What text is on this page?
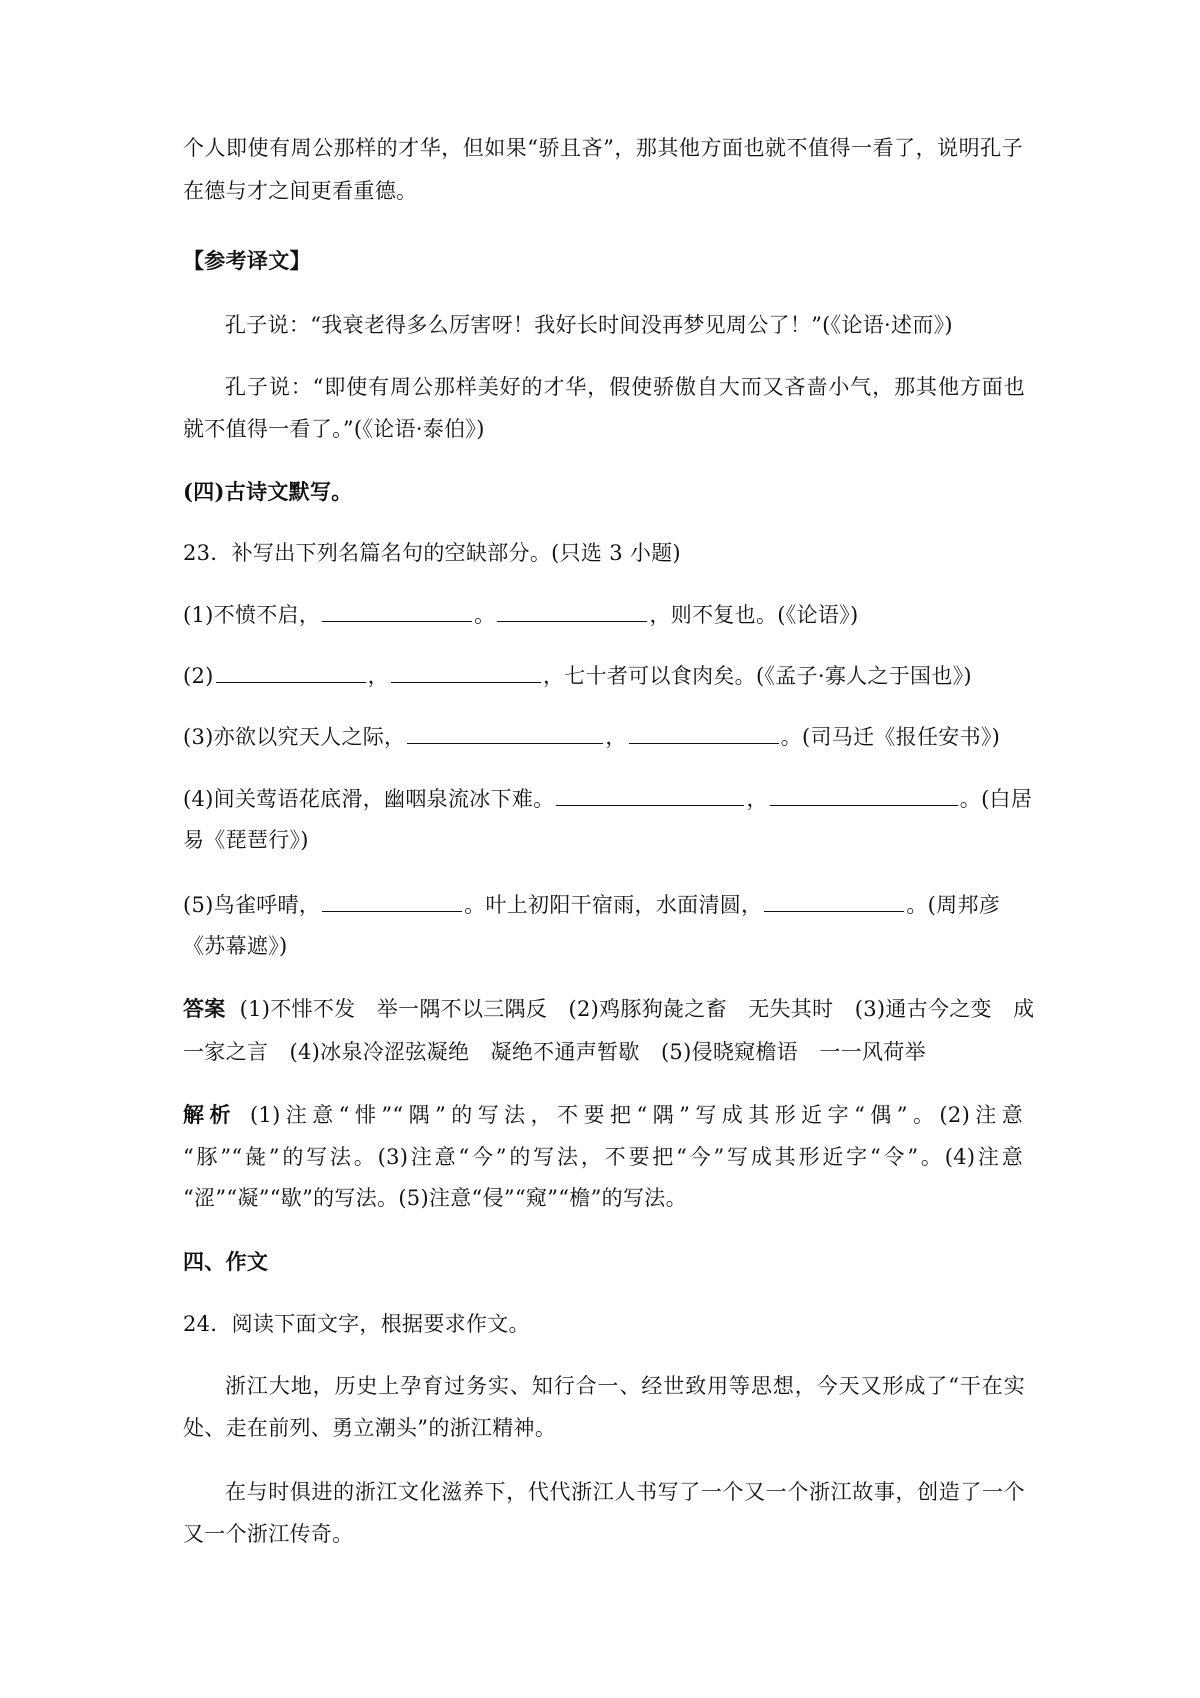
个人即使有周公那样的才华，但如果“骄且吝”，那其他方面也就不值得一看了，说明孔子
在德与才之间更看重德。
【参考译文】
孔子说：“我衰老得多么厉害呀！我好长时间没再梦见周公了！”(《论语·述而》)
孔子说：“即使有周公那样美好的才华，假使骄傲自大而又吝啬小气，那其他方面也
就不值得一看了。”(《论语·泰伯》)
(四)古诗文默写。
23．补写出下列名篇名句的空缺部分。(只选 3 小题)
(1)不愤不启，	。	，则不复也。(《论语》)
(2)	，	，七十者可以食肉矣。(《孟子·寡人之于国也》)
(3)亦欲以究天人之际，	，	。(司马迁《报任安书》)
(4)间关莺语花底滑，幽咽泉流冰下难。	，	。(白居
易《琵琶行》)
(5)鸟雀呼晴，	。叶上初阳干宿雨，水面清圆，	。(周邦彦
《苏幕遮》)
答案 (1)不悱不发　举一隅不以三隅反　(2)鸡豚狗彘之畜　无失其时　(3)通古今之变　成
一家之言　(4)冰泉冷涩弦凝绝　凝绝不通声暂歇　(5)侵晓窥檐语　一一风荷举
解析 (1)注意“悱”“隅”的写法，不要把“隅”写成其形近字“偶”。(2)注意
“豚”“彘”的写法。(3)注意“今”的写法，不要把“今”写成其形近字“令”。(4)注意
“涩”“凝”“歇”的写法。(5)注意“侵”“窥”“檐”的写法。
四、作文
24．阅读下面文字，根据要求作文。
浙江大地，历史上孕育过务实、知行合一、经世致用等思想，今天又形成了“干在实
处、走在前列、勇立潮头”的浙江精神。
在与时俱进的浙江文化滋养下，代代浙江人书写了一个又一个浙江故事，创造了一个
又一个浙江传奇。
